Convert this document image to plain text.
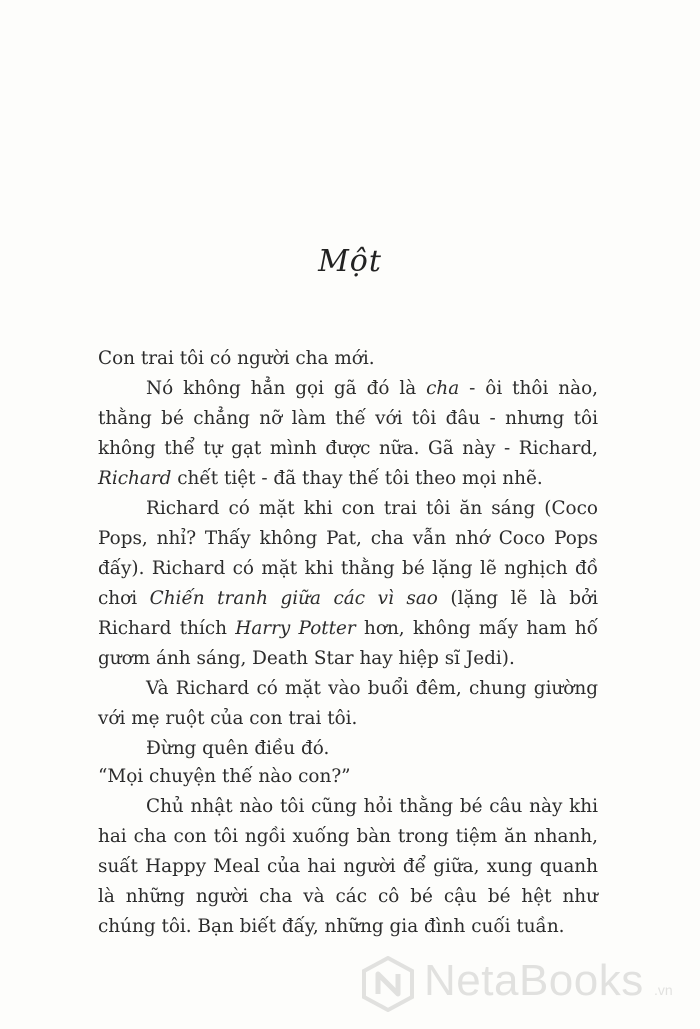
Một

Con trai tôi có người cha mới.

Nó không hẳn gọi gã đó là cha - ôi thôi nào, thằng bé chẳng nỡ làm thế với tôi đâu - nhưng tôi không thể tự gạt mình được nữa. Gã này - Richard, Richard chết tiệt - đã thay thế tôi theo mọi nhẽ.

Richard có mặt khi con trai tôi ăn sáng (Coco Pops, nhỉ? Thấy không Pat, cha vẫn nhớ Coco Pops đấy). Richard có mặt khi thằng bé lặng lẽ nghịch đồ chơi Chiến tranh giữa các vì sao (lặng lẽ là bởi Richard thích Harry Potter hơn, không mấy ham hố gươm ánh sáng, Death Star hay hiệp sĩ Jedi).

Và Richard có mặt vào buổi đêm, chung giường với mẹ ruột của con trai tôi.

Đừng quên điều đó.

“Mọi chuyện thế nào con?”

Chủ nhật nào tôi cũng hỏi thằng bé câu này khi hai cha con tôi ngồi xuống bàn trong tiệm ăn nhanh, suất Happy Meal của hai người để giữa, xung quanh là những người cha và các cô bé cậu bé hệt như chúng tôi. Bạn biết đấy, những gia đình cuối tuần.

NetaBooks .vn
